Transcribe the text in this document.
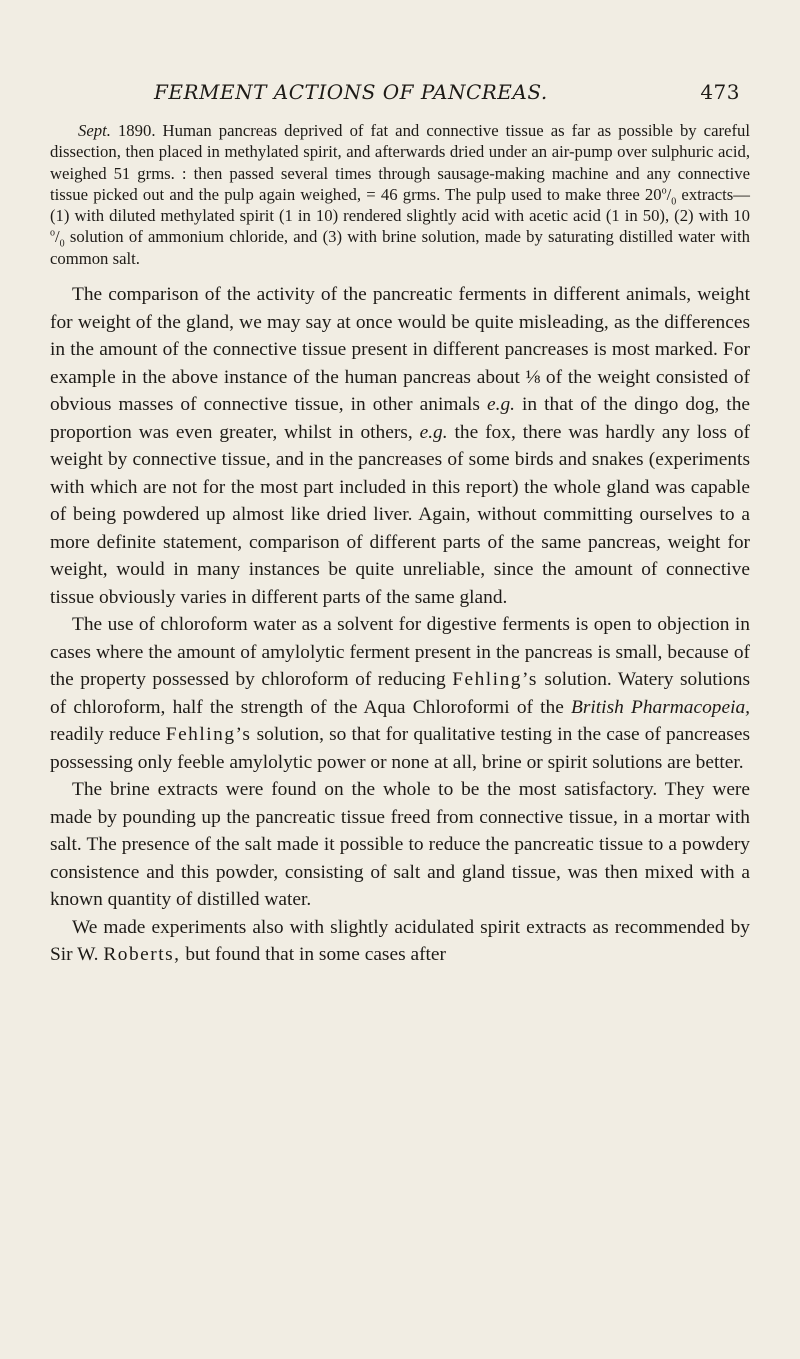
FERMENT ACTIONS OF PANCREAS.	473

Sept. 1890. Human pancreas deprived of fat and connective tissue as far as possible by careful dissection, then placed in methylated spirit, and afterwards dried under an air-pump over sulphuric acid, weighed 51 grms. : then passed several times through sausage-making machine and any connective tissue picked out and the pulp again weighed, = 46 grms. The pulp used to make three $20^o/_0$ extracts—(1) with diluted methylated spirit (1 in 10) rendered slightly acid with acetic acid (1 in 50), (2) with 10 $^o/_0$ solution of ammonium chloride, and (3) with brine solution, made by saturating distilled water with common salt.

The comparison of the activity of the pancreatic ferments in different animals, weight for weight of the gland, we may say at once would be quite misleading, as the differences in the amount of the connective tissue present in different pancreases is most marked. For example in the above instance of the human pancreas about ⅛ of the weight consisted of obvious masses of connective tissue, in other animals e.g. in that of the dingo dog, the proportion was even greater, whilst in others, e.g. the fox, there was hardly any loss of weight by connective tissue, and in the pancreases of some birds and snakes (experiments with which are not for the most part included in this report) the whole gland was capable of being powdered up almost like dried liver. Again, without committing ourselves to a more definite statement, comparison of different parts of the same pancreas, weight for weight, would in many instances be quite unreliable, since the amount of connective tissue obviously varies in different parts of the same gland.

The use of chloroform water as a solvent for digestive ferments is open to objection in cases where the amount of amylolytic ferment present in the pancreas is small, because of the property possessed by chloroform of reducing Fehling’s solution. Watery solutions of chloroform, half the strength of the Aqua Chloroformi of the British Pharmacopeia, readily reduce Fehling’s solution, so that for qualitative testing in the case of pancreases possessing only feeble amylolytic power or none at all, brine or spirit solutions are better.

The brine extracts were found on the whole to be the most satisfactory. They were made by pounding up the pancreatic tissue freed from connective tissue, in a mortar with salt. The presence of the salt made it possible to reduce the pancreatic tissue to a powdery consistence and this powder, consisting of salt and gland tissue, was then mixed with a known quantity of distilled water.

We made experiments also with slightly acidulated spirit extracts as recommended by Sir W. Roberts, but found that in some cases after
